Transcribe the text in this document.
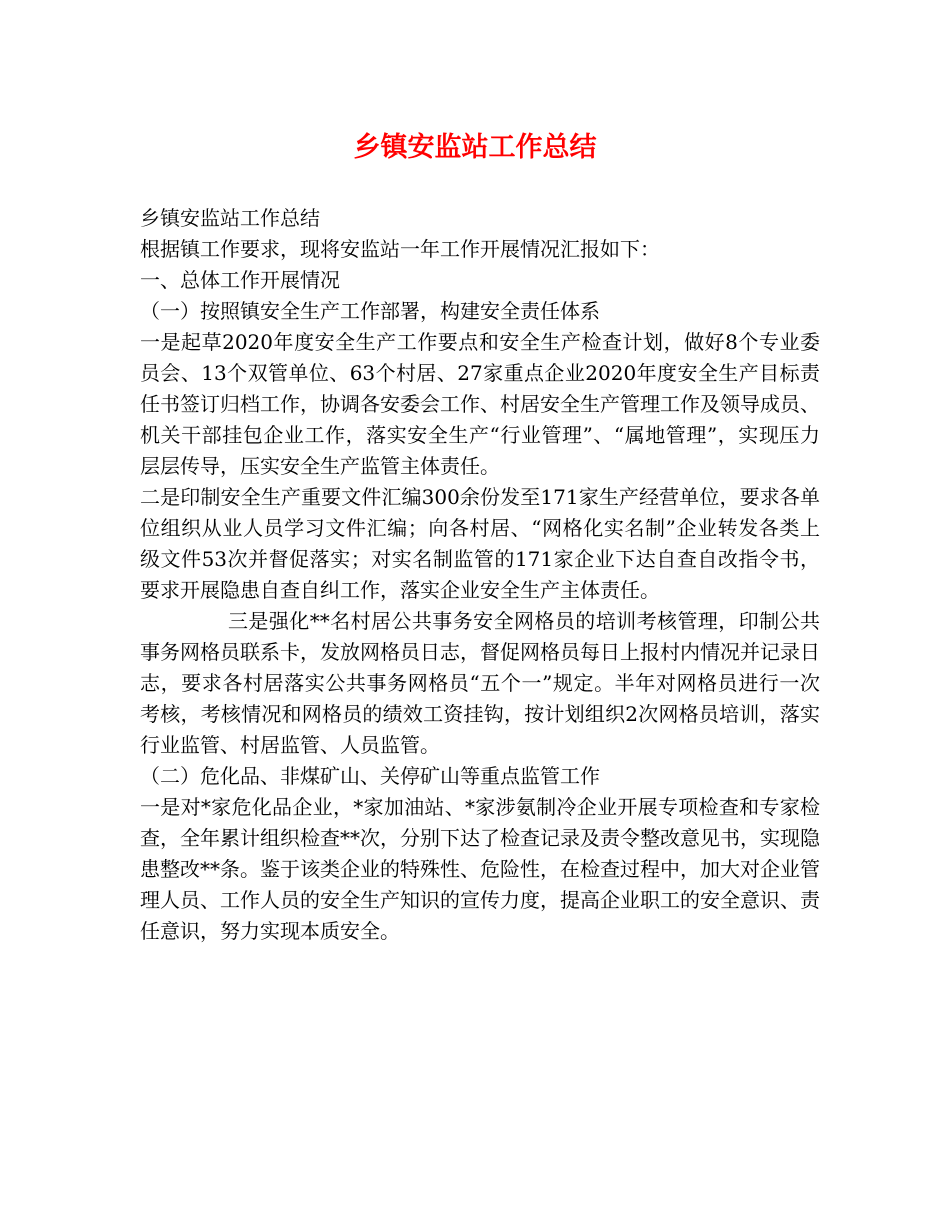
乡镇安监站工作总结

乡镇安监站工作总结

根据镇工作要求，现将安监站一年工作开展情况汇报如下：

一、总体工作开展情况

（一）按照镇安全生产工作部署，构建安全责任体系

一是起草2020年度安全生产工作要点和安全生产检查计划，做好8个专业委员会、13个双管单位、63个村居、27家重点企业2020年度安全生产目标责任书签订归档工作，协调各安委会工作、村居安全生产管理工作及领导成员、机关干部挂包企业工作，落实安全生产“行业管理”、“属地管理”，实现压力层层传导，压实安全生产监管主体责任。

二是印制安全生产重要文件汇编300余份发至171家生产经营单位，要求各单位组织从业人员学习文件汇编；向各村居、“网格化实名制”企业转发各类上级文件53次并督促落实；对实名制监管的171家企业下达自查自改指令书，要求开展隐患自查自纠工作，落实企业安全生产主体责任。

三是强化**名村居公共事务安全网格员的培训考核管理，印制公共事务网格员联系卡，发放网格员日志，督促网格员每日上报村内情况并记录日志，要求各村居落实公共事务网格员“五个一”规定。半年对网格员进行一次考核，考核情况和网格员的绩效工资挂钩，按计划组织2次网格员培训，落实行业监管、村居监管、人员监管。

（二）危化品、非煤矿山、关停矿山等重点监管工作

一是对*家危化品企业，*家加油站、*家涉氨制冷企业开展专项检查和专家检查，全年累计组织检查**次，分别下达了检查记录及责令整改意见书，实现隐患整改**条。鉴于该类企业的特殊性、危险性，在检查过程中，加大对企业管理人员、工作人员的安全生产知识的宣传力度，提高企业职工的安全意识、责任意识，努力实现本质安全。
